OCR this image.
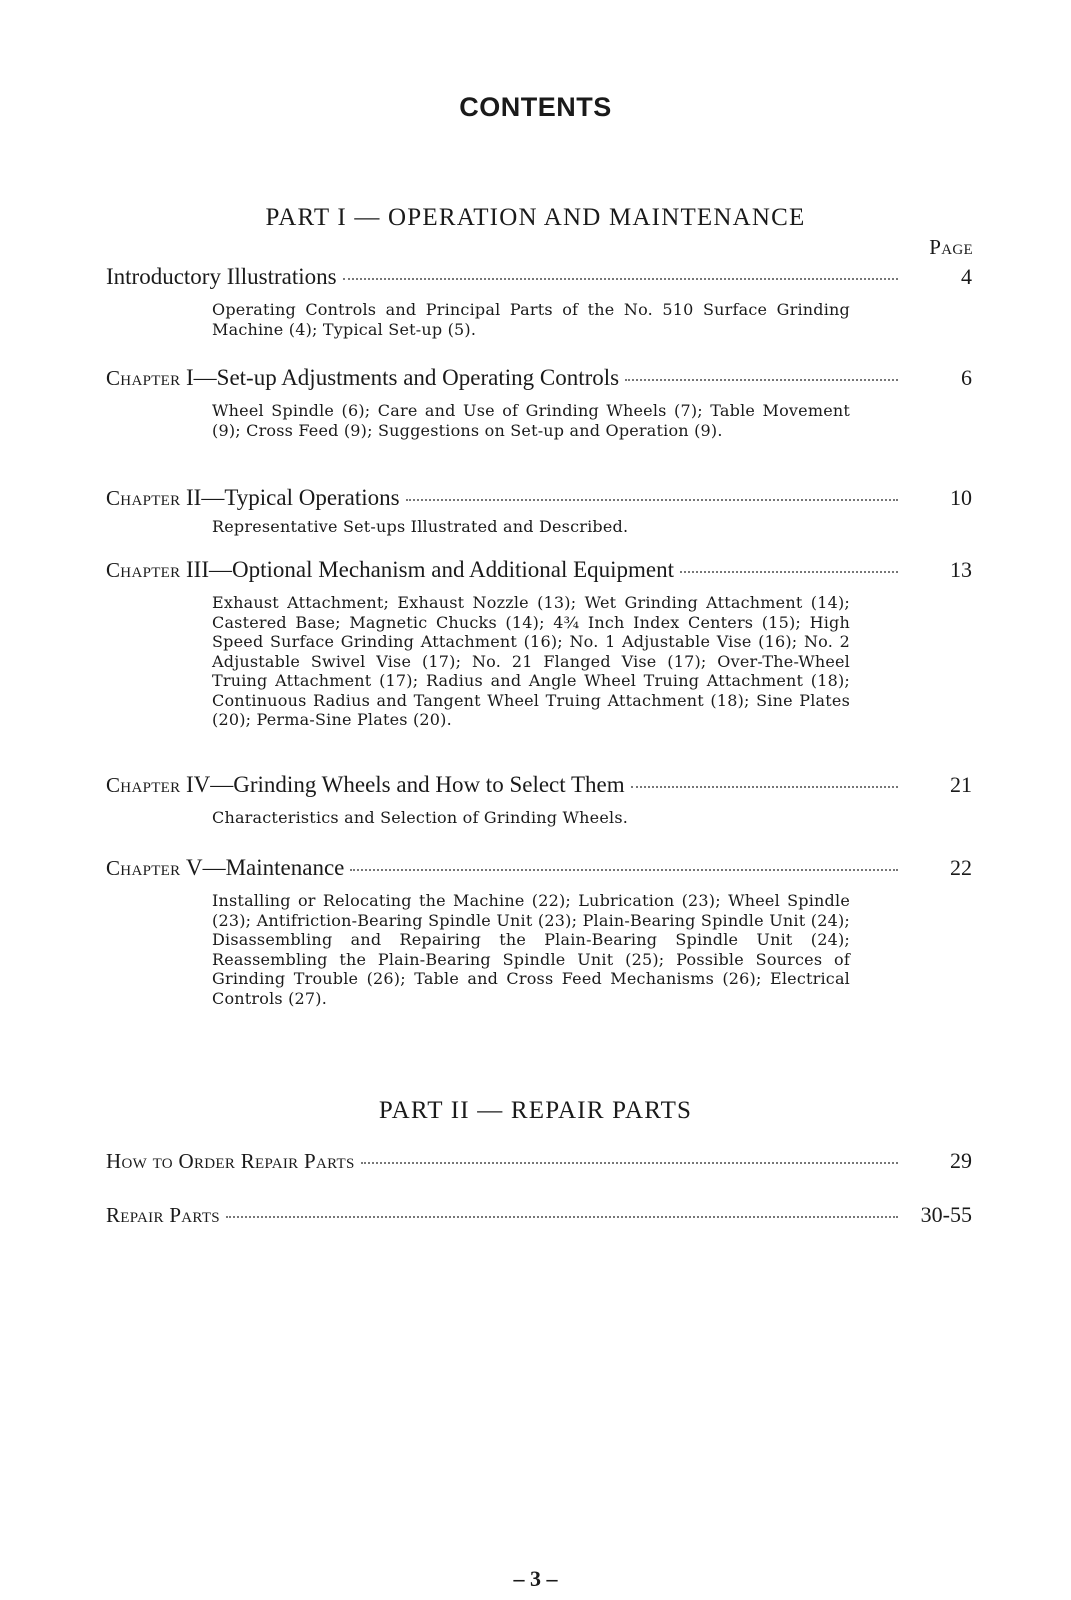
CONTENTS
PART I — OPERATION AND MAINTENANCE
Page
Introductory Illustrations	4
Operating Controls and Principal Parts of the No. 510 Surface Grinding Machine (4); Typical Set-up (5).
Chapter I—Set-up Adjustments and Operating Controls	6
Wheel Spindle (6); Care and Use of Grinding Wheels (7); Table Movement (9); Cross Feed (9); Suggestions on Set-up and Operation (9).
Chapter II—Typical Operations	10
Representative Set-ups Illustrated and Described.
Chapter III—Optional Mechanism and Additional Equipment	13
Exhaust Attachment; Exhaust Nozzle (13); Wet Grinding Attachment (14); Castered Base; Magnetic Chucks (14); 4¾ Inch Index Centers (15); High Speed Surface Grinding Attachment (16); No. 1 Adjustable Vise (16); No. 2 Adjustable Swivel Vise (17); No. 21 Flanged Vise (17); Over-The-Wheel Truing Attachment (17); Radius and Angle Wheel Truing Attachment (18); Continuous Radius and Tangent Wheel Truing Attachment (18); Sine Plates (20); Perma-Sine Plates (20).
Chapter IV—Grinding Wheels and How to Select Them	21
Characteristics and Selection of Grinding Wheels.
Chapter V—Maintenance	22
Installing or Relocating the Machine (22); Lubrication (23); Wheel Spindle (23); Antifriction-Bearing Spindle Unit (23); Plain-Bearing Spindle Unit (24); Disassembling and Repairing the Plain-Bearing Spindle Unit (24); Reassembling the Plain-Bearing Spindle Unit (25); Possible Sources of Grinding Trouble (26); Table and Cross Feed Mechanisms (26); Electrical Controls (27).
PART II — REPAIR PARTS
How to Order Repair Parts	29
Repair Parts	30-55
– 3 –
